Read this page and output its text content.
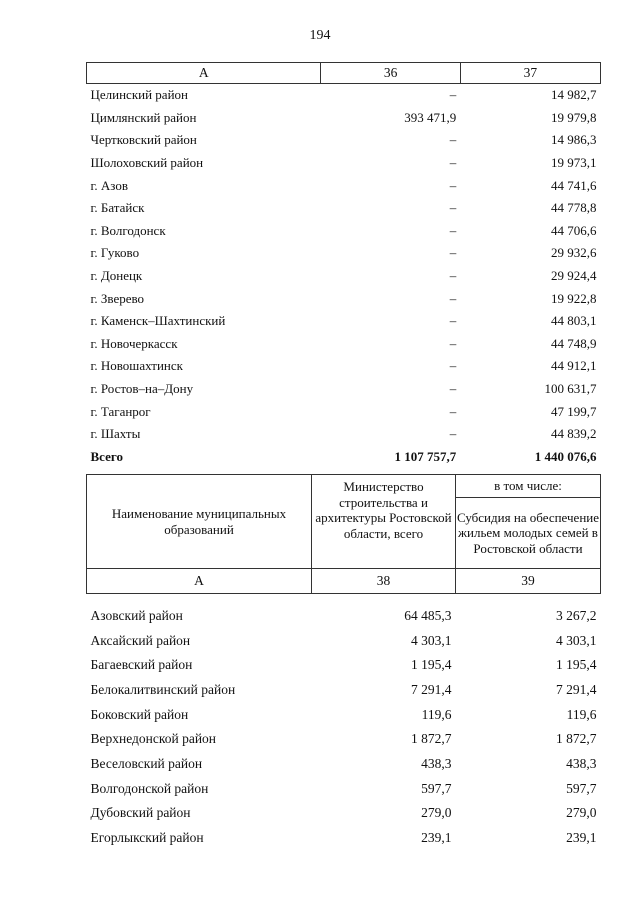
194
А	36	37
Целинский район	–	14 982,7
Цимлянский район	393 471,9	19 979,8
Чертковский район	–	14 986,3
Шолоховский район	–	19 973,1
г. Азов	–	44 741,6
г. Батайск	–	44 778,8
г. Волгодонск	–	44 706,6
г. Гуково	–	29 932,6
г. Донецк	–	29 924,4
г. Зверево	–	19 922,8
г. Каменск–Шахтинский	–	44 803,1
г. Новочеркасск	–	44 748,9
г. Новошахтинск	–	44 912,1
г. Ростов–на–Дону	–	100 631,7
г. Таганрог	–	47 199,7
г. Шахты	–	44 839,2
Всего	1 107 757,7	1 440 076,6
Наименование муниципальных образований	Министерство строительства и архитектуры Ростовской области, всего	в том числе:
		Субсидия на обеспечение жильем молодых семей в Ростовской области
А	38	39

Азовский район	64 485,3	3 267,2
Аксайский район	4 303,1	4 303,1
Багаевский район	1 195,4	1 195,4
Белокалитвинский район	7 291,4	7 291,4
Боковский район	119,6	119,6
Верхнедонской район	1 872,7	1 872,7
Веселовский район	438,3	438,3
Волгодонской район	597,7	597,7
Дубовский район	279,0	279,0
Егорлыкский район	239,1	239,1
